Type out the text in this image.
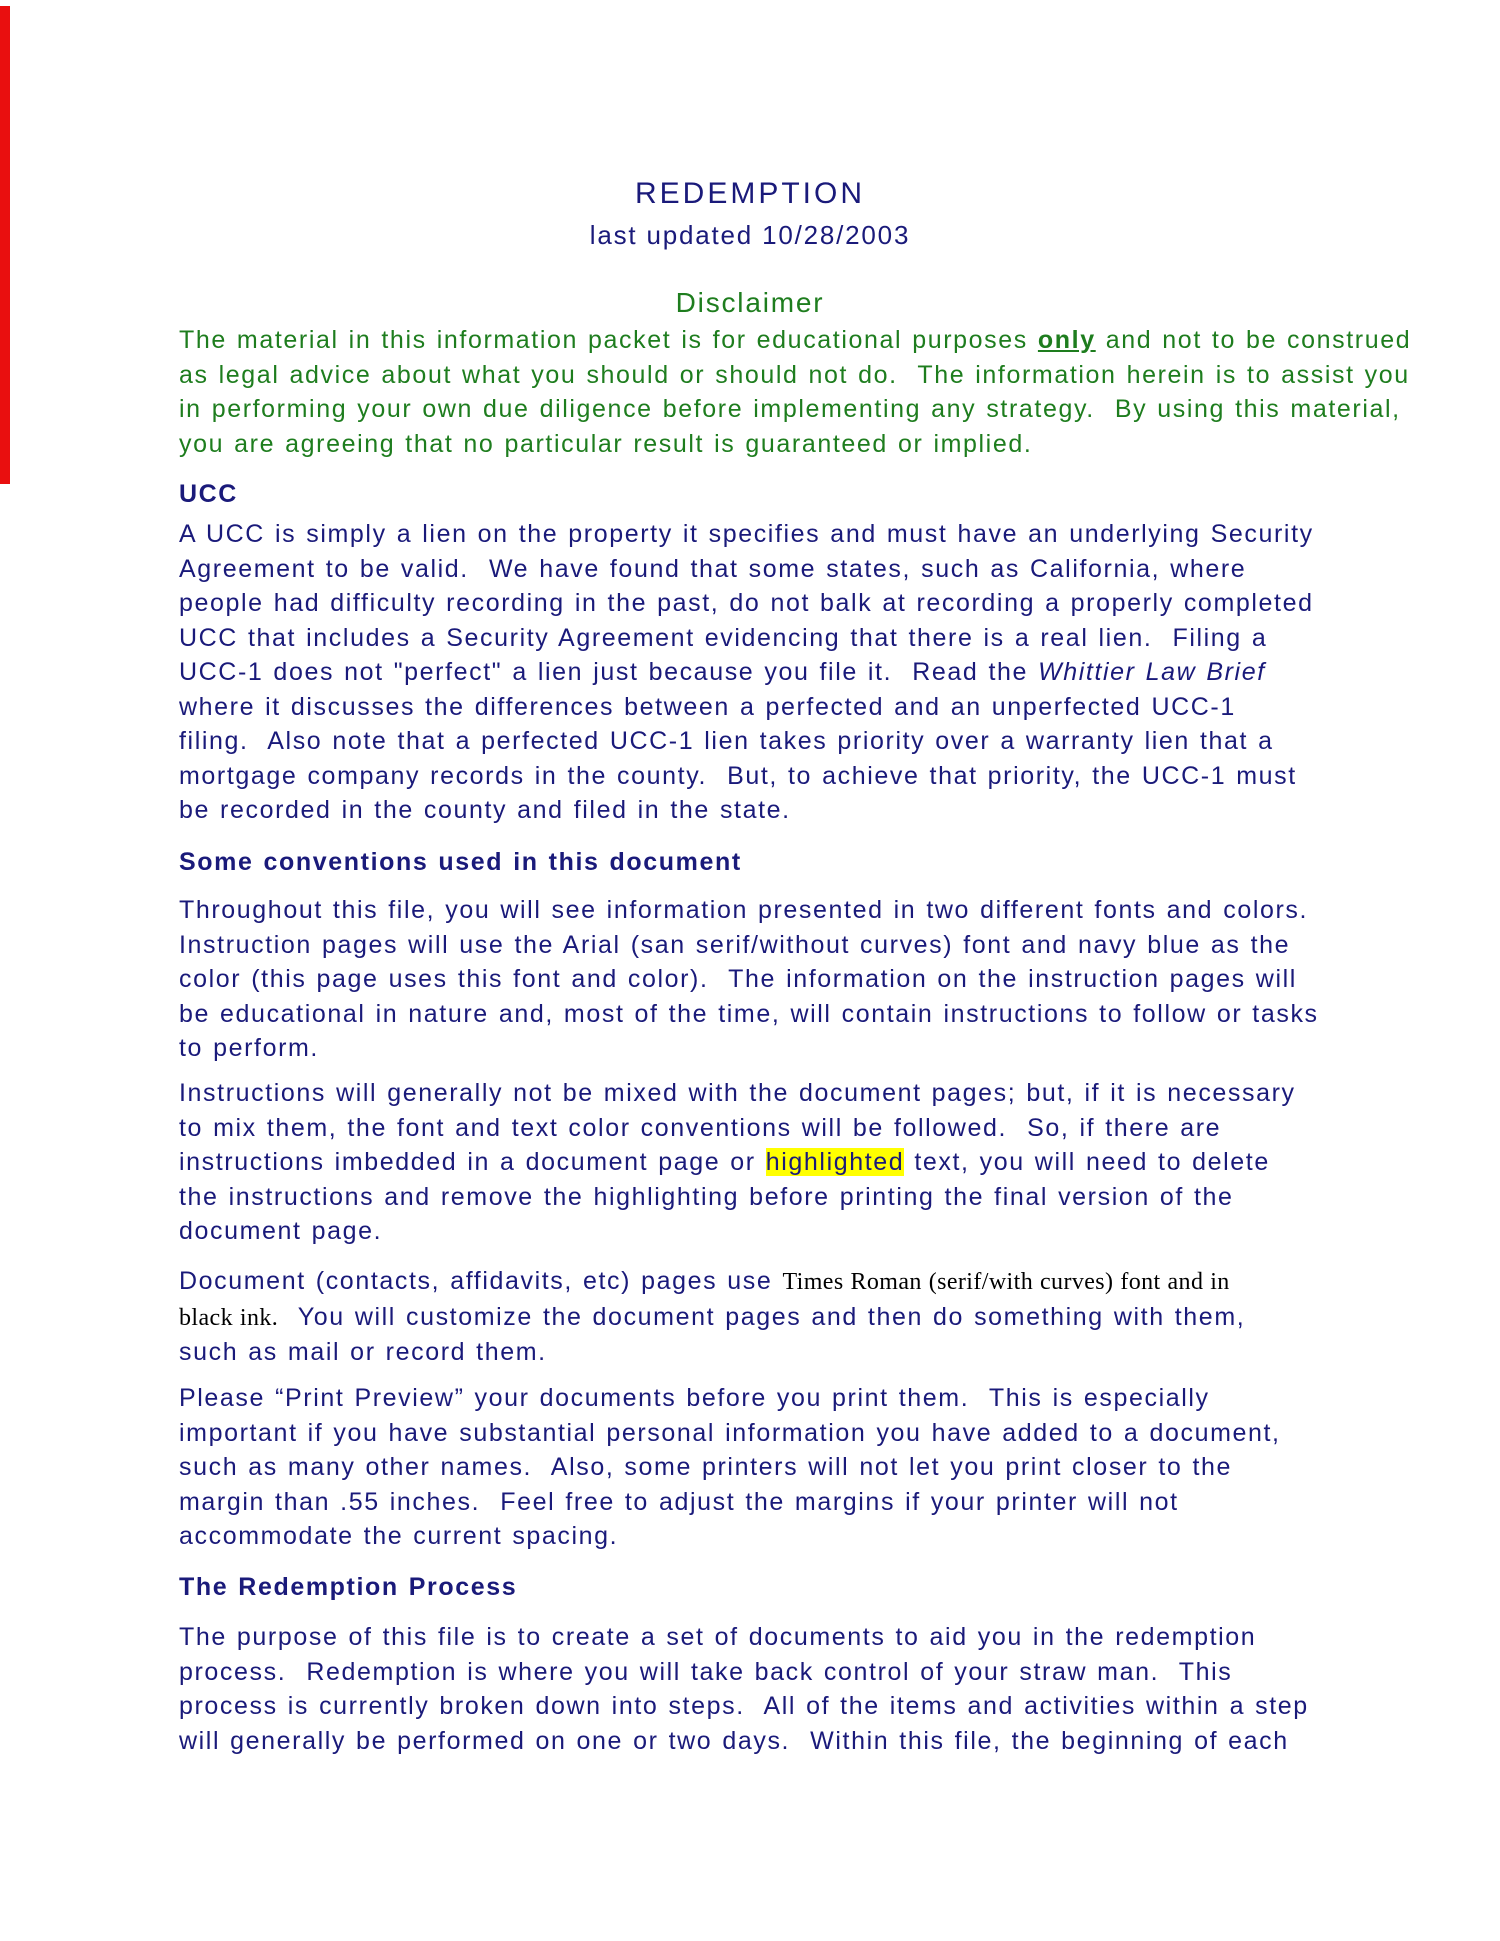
REDEMPTION
last updated 10/28/2003
Disclaimer
The material in this information packet is for educational purposes only and not to be construed
as legal advice about what you should or should not do.  The information herein is to assist you
in performing your own due diligence before implementing any strategy.  By using this material,
you are agreeing that no particular result is guaranteed or implied.
UCC
A UCC is simply a lien on the property it specifies and must have an underlying Security
Agreement to be valid.  We have found that some states, such as California, where
people had difficulty recording in the past, do not balk at recording a properly completed
UCC that includes a Security Agreement evidencing that there is a real lien.  Filing a
UCC-1 does not "perfect" a lien just because you file it.  Read the Whittier Law Brief
where it discusses the differences between a perfected and an unperfected UCC-1
filing.  Also note that a perfected UCC-1 lien takes priority over a warranty lien that a
mortgage company records in the county.  But, to achieve that priority, the UCC-1 must
be recorded in the county and filed in the state.
Some conventions used in this document
Throughout this file, you will see information presented in two different fonts and colors.
Instruction pages will use the Arial (san serif/without curves) font and navy blue as the
color (this page uses this font and color).  The information on the instruction pages will
be educational in nature and, most of the time, will contain instructions to follow or tasks
to perform.
Instructions will generally not be mixed with the document pages; but, if it is necessary
to mix them, the font and text color conventions will be followed.  So, if there are
instructions imbedded in a document page or highlighted text, you will need to delete
the instructions and remove the highlighting before printing the final version of the
document page.
Document (contacts, affidavits, etc) pages use Times Roman (serif/with curves) font and in
black ink.  You will customize the document pages and then do something with them,
such as mail or record them.
Please “Print Preview” your documents before you print them.  This is especially
important if you have substantial personal information you have added to a document,
such as many other names.  Also, some printers will not let you print closer to the
margin than .55 inches.  Feel free to adjust the margins if your printer will not
accommodate the current spacing.
The Redemption Process
The purpose of this file is to create a set of documents to aid you in the redemption
process.  Redemption is where you will take back control of your straw man.  This
process is currently broken down into steps.  All of the items and activities within a step
will generally be performed on one or two days.  Within this file, the beginning of each
